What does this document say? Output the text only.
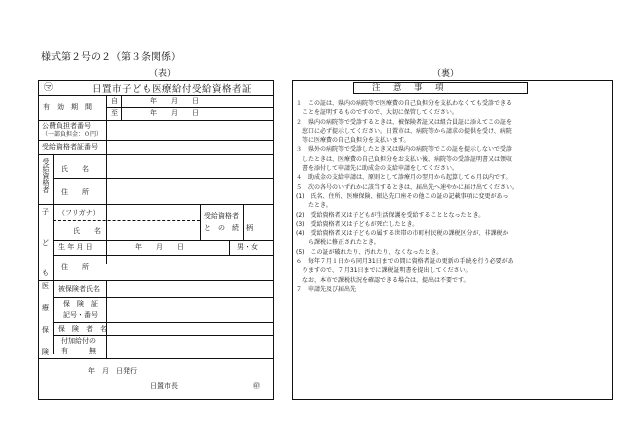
様式第２号の２（第３条関係）
（表）	（裏）
㋮	日置市子ども医療給付受給資格者証
有　効　期　間
自	年　　月　　日
至	年　　月　　日
公費負担者番号
（一部負担金：０円）
受給資格者証番号
受給資格者 氏　　名
住　　所
子
ど
も
（フリガナ）
氏　　名
受給資格者
と　の　続　柄
生 年 月 日	年　　月　　日	男・女
住　　所
医
療
保
険
被保険者氏名
保　険　証
記号・番号
保　険　者　名
付加給付の
有　　　無
年　月　日発行
日置市長	㊞
注　意　事　項
１　この証は、県内の病院等で医療費の自己負担分を支払わなくても受診できる
　ことを証明するものですので、大切に保管してください。
２　県内の病院等で受診するときは、被保険者証又は組合員証に添えてこの証を
　窓口に必ず提示してください。日置市は、病院等から請求の提供を受け、病院
　等に医療費の自己負担分を支払います。
３　県外の病院等で受診したとき又は県内の病院等でこの証を提示しないで受診
　したときは、医療費の自己負担分をお支払い後、病院等の受診証明書又は領収
　書を添付して申請先に助成金の支給申請をしてください。
４　助成金の支給申請は、原則として診療月の翌月から起算して６月以内です。
５　次の各号のいずれかに該当するときは、届出先へ速やかに届け出てください。
(1)　氏名、住所、医療保険、振込先口座その他この証の記載事項に変更があっ
　　たとき。
(2)　受給資格者又は子どもが生活保護を受給することとなったとき。
(3)　受給資格者又は子どもが死亡したとき。
(4)　受給資格者又は子どもの属する世帯の市町村民税の課税区分が、非課税か
　　ら課税に修正されたとき。
(5)　この証が破れたり、汚れたり、なくなったとき。
６　毎年７月１日から同月31日までの間に資格者証の更新の手続を行う必要があ
　りますので、７月31日までに課税証明書を提出してください。
　なお、本市で課税状況を確認できる場合は、提出は不要です。
７　申請先及び届出先
